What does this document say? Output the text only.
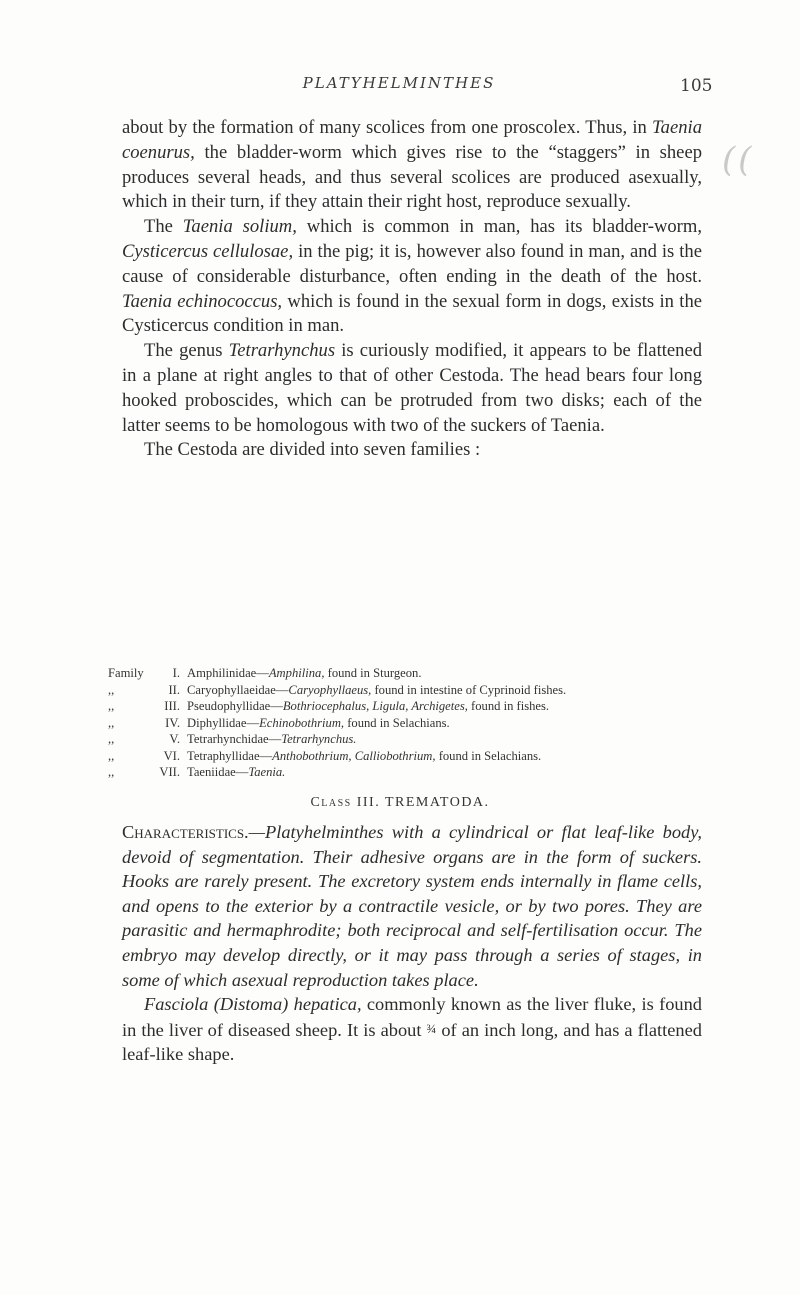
PLATYHELMINTHES	105
( (

about by the formation of many scolices from one proscolex. Thus, in Taenia coenurus, the bladder-worm which gives rise to the “staggers” in sheep produces several heads, and thus several scolices are produced asexually, which in their turn, if they attain their right host, reproduce sexually.

The Taenia solium, which is common in man, has its bladder-worm, Cysticercus cellulosae, in the pig; it is, however also found in man, and is the cause of considerable disturbance, often ending in the death of the host. Taenia echinococcus, which is found in the sexual form in dogs, exists in the Cysticercus condition in man.

The genus Tetrarhynchus is curiously modified, it appears to be flattened in a plane at right angles to that of other Cestoda. The head bears four long hooked proboscides, which can be protruded from two disks; each of the latter seems to be homologous with two of the suckers of Taenia.

The Cestoda are divided into seven families :

Family	I. Amphilinidae—Amphilina, found in Sturgeon.
,,	II. Caryophyllaeidae—Caryophyllaeus, found in intestine of Cyprinoid fishes.
,,	III. Pseudophyllidae—Bothriocephalus, Ligula, Archigetes, found in fishes.
,,	IV. Diphyllidae—Echinobothrium, found in Selachians.
,,	V. Tetrarhynchidae—Tetrarhynchus.
,,	VI. Tetraphyllidae—Anthobothrium, Calliobothrium, found in Selachians.
,,	VII. Taeniidae—Taenia.
Class III. TREMATODA.

Characteristics.—Platyhelminthes with a cylindrical or flat leaf-like body, devoid of segmentation. Their adhesive organs are in the form of suckers. Hooks are rarely present. The excretory system ends internally in flame cells, and opens to the exterior by a contractile vesicle, or by two pores. They are parasitic and hermaphrodite; both reciprocal and self-fertilisation occur. The embryo may develop directly, or it may pass through a series of stages, in some of which asexual reproduction takes place.

Fasciola (Distoma) hepatica, commonly known as the liver fluke, is found in the liver of diseased sheep. It is about ¾ of an inch long, and has a flattened leaf-like shape.
